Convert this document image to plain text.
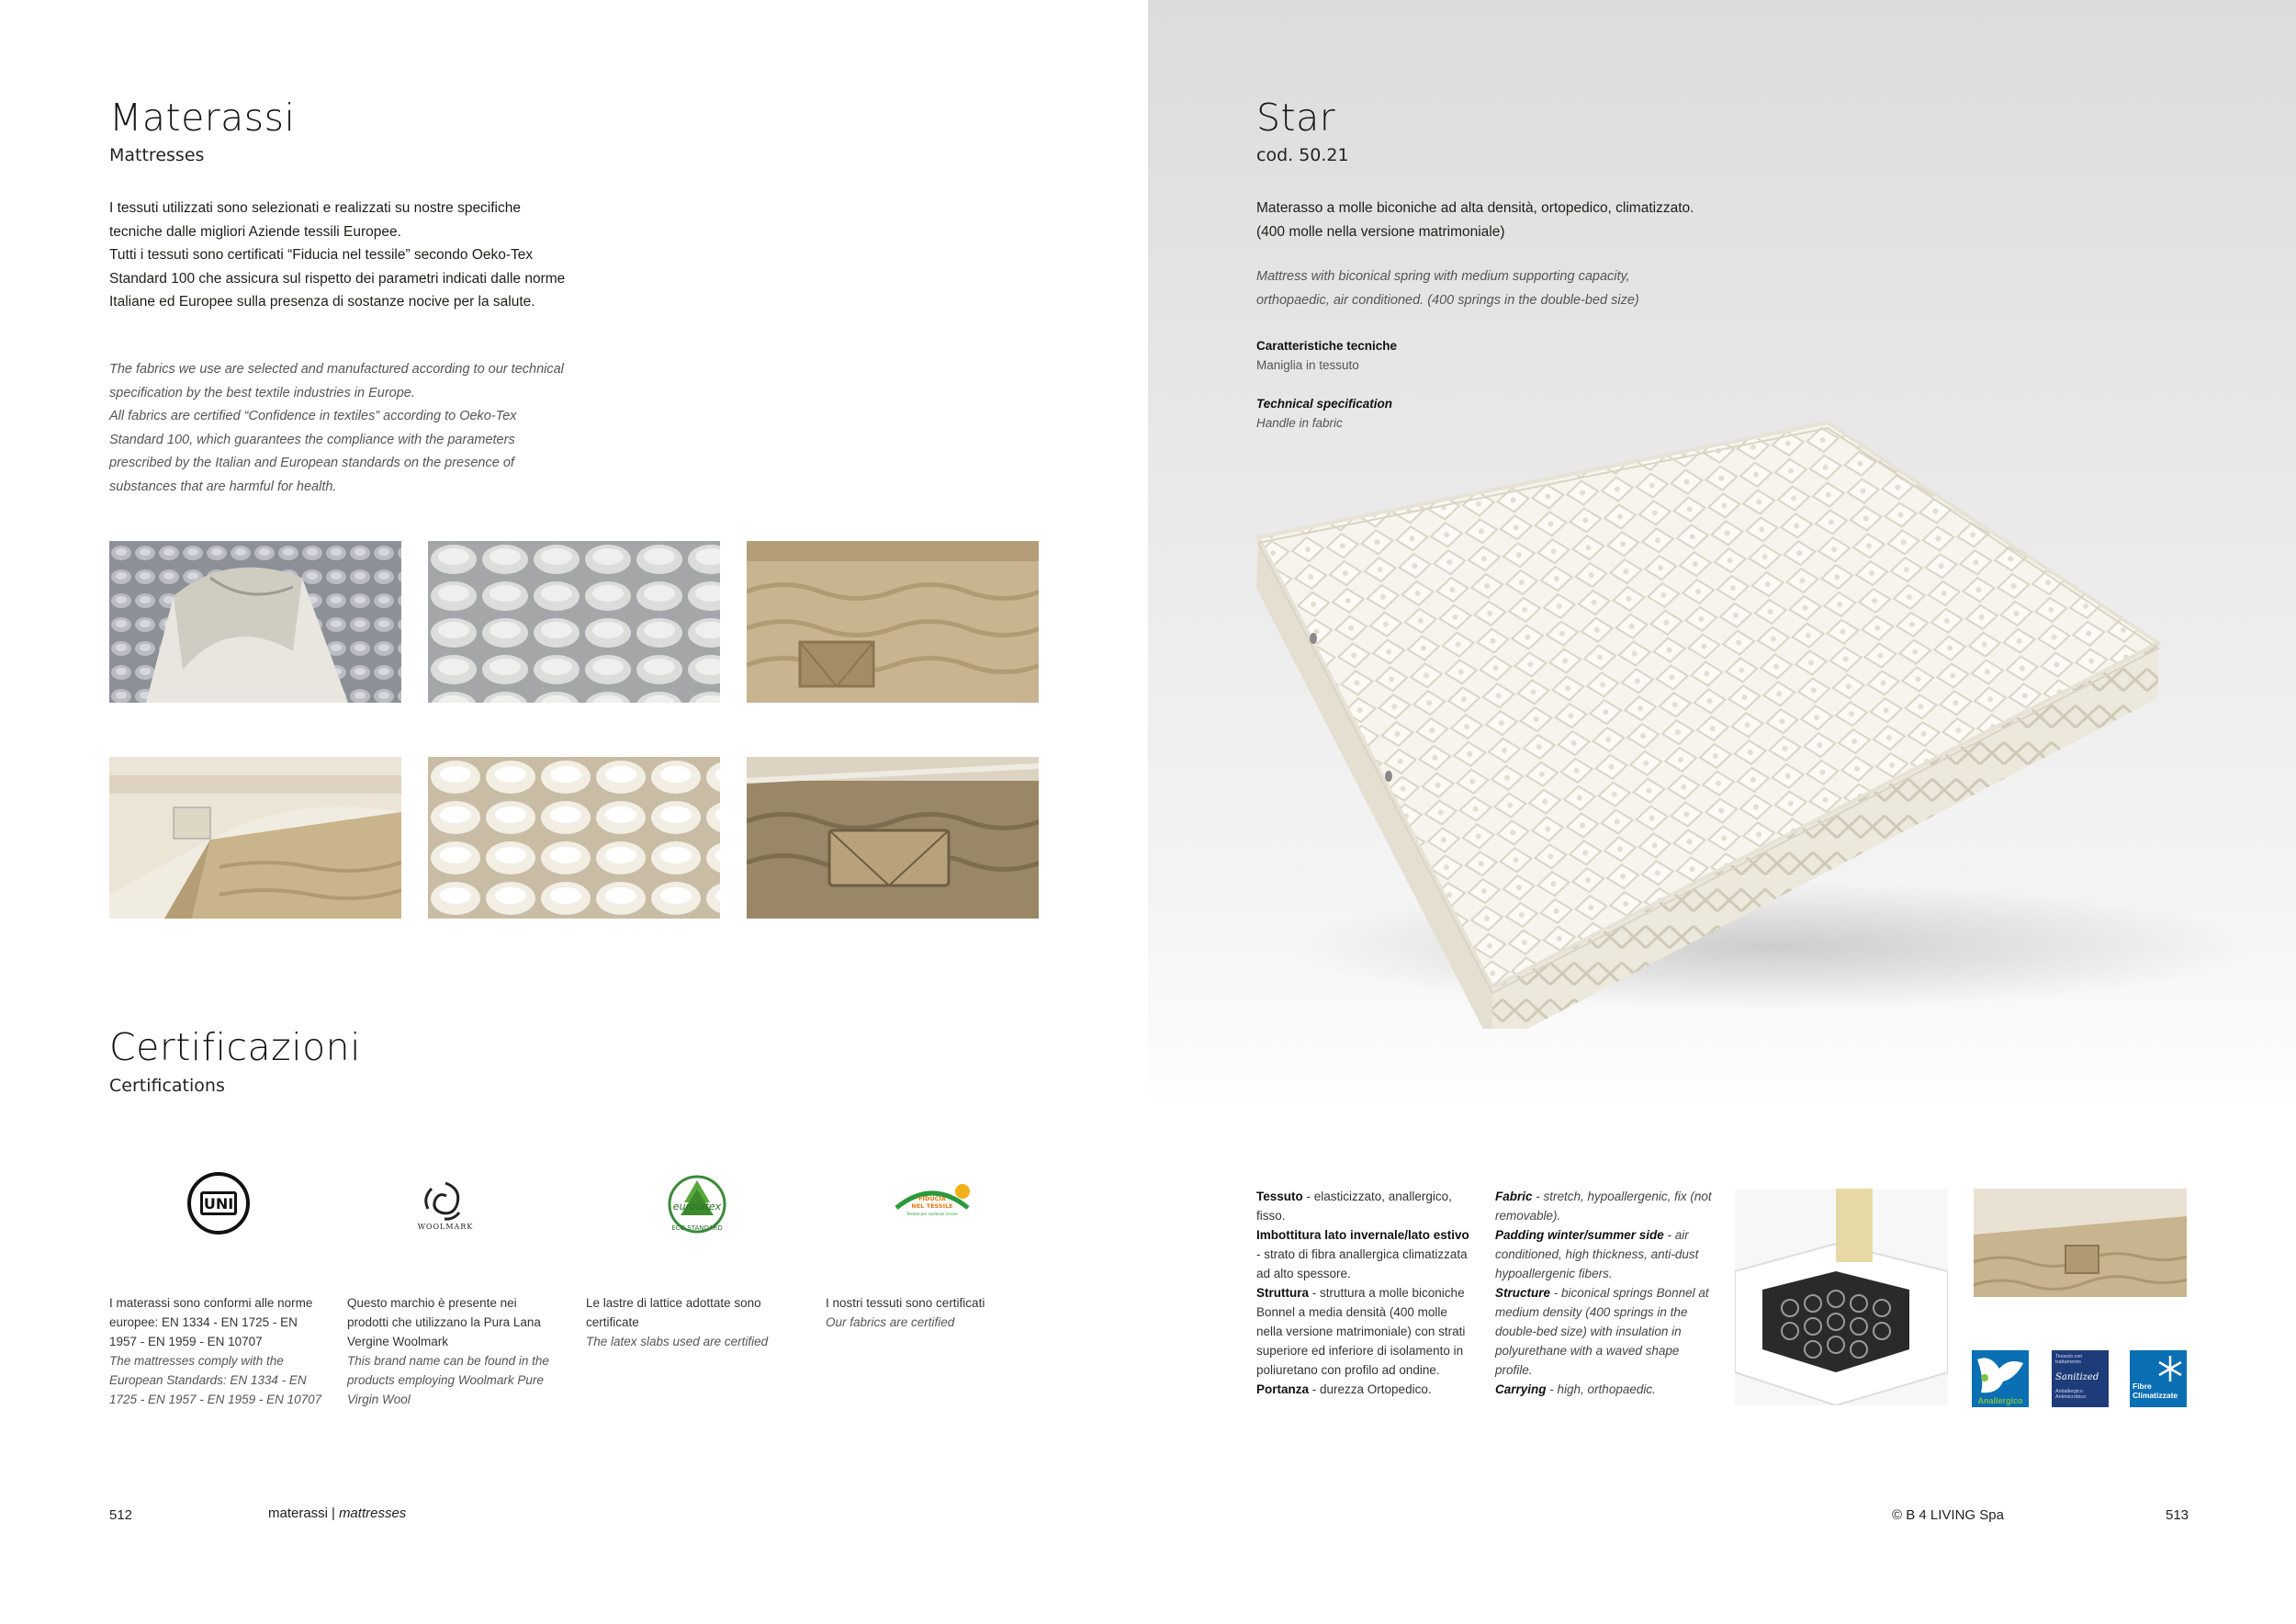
Materassi
Mattresses
I tessuti utilizzati sono selezionati e realizzati su nostre specifiche tecniche dalle migliori Aziende tessili Europee.
Tutti i tessuti sono certificati “Fiducia nel tessile” secondo Oeko-Tex Standard 100 che assicura sul rispetto dei parametri indicati dalle norme Italiane ed Europee sulla presenza di sostanze nocive per la salute.
The fabrics we use are selected and manufactured according to our technical specification by the best textile industries in Europe.
All fabrics are certified “Confidence in textiles” according to Oeko-Tex Standard 100, which guarantees the compliance with the parameters prescribed by the Italian and European standards on the presence of substances that are harmful for health.
Certificazioni
Certifications
UNI
WOOLMARK
eurolatex
ECO STANDARD
FIDUCIA
NEL TESSILE
Testato per sostanze nocive
I materassi sono conformi alle norme europee: EN 1334 - EN 1725 - EN 1957 - EN 1959 - EN 10707
The mattresses comply with the European Standards: EN 1334 - EN 1725 - EN 1957 - EN 1959 - EN 10707
Questo marchio è presente nei prodotti che utilizzano la Pura Lana Vergine Woolmark
This brand name can be found in the products employing Woolmark Pure Virgin Wool
Le lastre di lattice adottate sono certificate
The latex slabs used are certified
I nostri tessuti sono certificati
Our fabrics are certified
512	materassi | mattresses
Star
cod. 50.21
Materasso a molle biconiche ad alta densità, ortopedico, climatizzato.
(400 molle nella versione matrimoniale)
Mattress with biconical spring with medium supporting capacity, orthopaedic, air conditioned. (400 springs in the double-bed size)
Caratteristiche tecniche
Maniglia in tessuto
Technical specification
Handle in fabric
Tessuto - elasticizzato, anallergico, fisso.
Imbottitura lato invernale/lato estivo - strato di fibra anallergica climatizzata ad alto spessore.
Struttura - struttura a molle biconiche Bonnel a media densità (400 molle nella versione matrimoniale) con strati superiore ed inferiore di isolamento in poliuretano con profilo ad ondine.
Portanza - durezza Ortopedico.
Fabric - stretch, hypoallergenic, fix (not removable).
Padding winter/summer side - air conditioned, high thickness, anti-dust hypoallergenic fibers.
Structure - biconical springs Bonnel at medium density (400 springs in the double-bed size) with insulation in polyurethane with a waved shape profile.
Carrying - high, orthopaedic.
Anallergico
Tessuto con trattamento
Sanitized
Antiallergico Antimicrobico
Fibre Climatizzate
© B 4 LIVING Spa	513
